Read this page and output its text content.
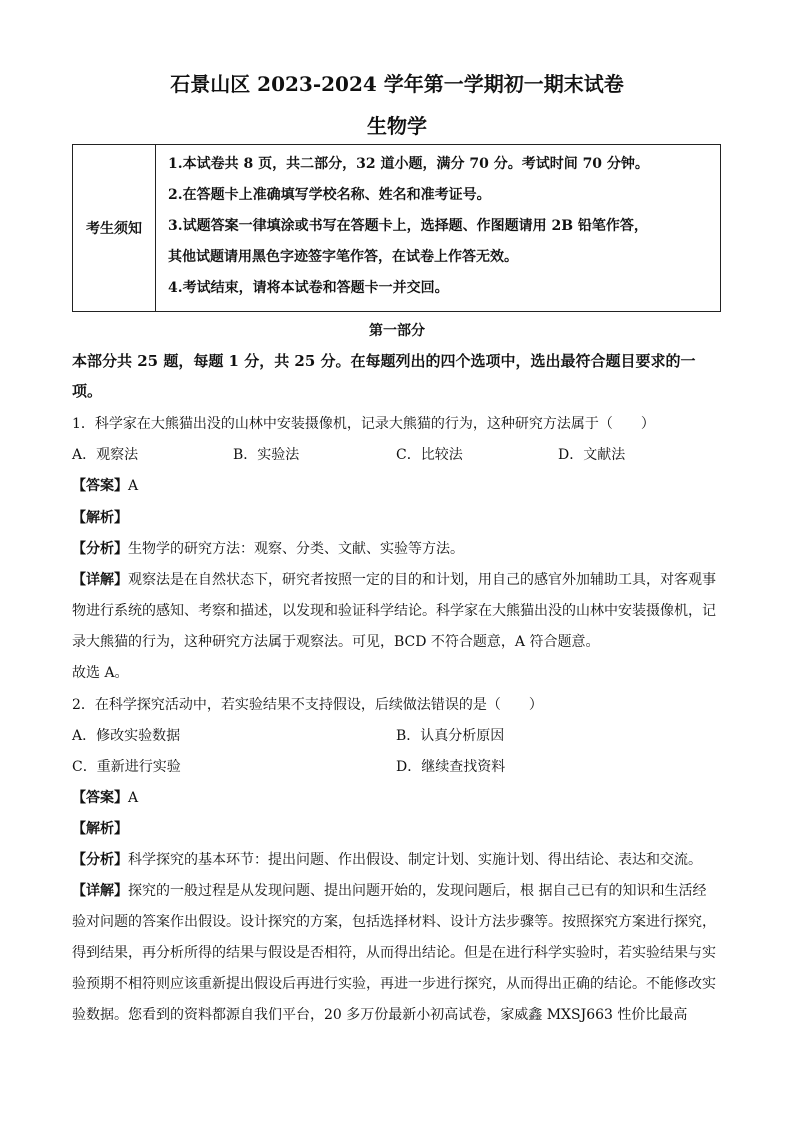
石景山区 2023-2024 学年第一学期初一期末试卷
生物学
考生须知	
1.本试卷共 8 页，共二部分，32 道小题，满分 70 分。考试时间 70 分钟。
2.在答题卡上准确填写学校名称、姓名和准考证号。
3.试题答案一律填涂或书写在答题卡上，选择题、作图题请用 2B 铅笔作答，
其他试题请用黑色字迹签字笔作答，在试卷上作答无效。
4.考试结束，请将本试卷和答题卡一并交回。
第一部分
本部分共 25 题，每题 1 分，共 25 分。在每题列出的四个选项中，选出最符合题目要求的一
项。
1．科学家在大熊猫出没的山林中安装摄像机，记录大熊猫的行为，这种研究方法属于（　　）
A．观察法	B．实验法	C．比较法	D．文献法
【答案】A
【解析】
【分析】生物学的研究方法：观察、分类、文献、实验等方法。
【详解】观察法是在自然状态下，研究者按照一定的目的和计划，用自己的感官外加辅助工具，对客观事
物进行系统的感知、考察和描述，以发现和验证科学结论。科学家在大熊猫出没的山林中安装摄像机，记
录大熊猫的行为，这种研究方法属于观察法。可见，BCD 不符合题意，A 符合题意。
故选 A。
2．在科学探究活动中，若实验结果不支持假设，后续做法错误的是（　　）
A．修改实验数据	B．认真分析原因
C．重新进行实验	D．继续查找资料
【答案】A
【解析】
【分析】科学探究的基本环节：提出问题、作出假设、制定计划、实施计划、得出结论、表达和交流。
【详解】探究的一般过程是从发现问题、提出问题开始的，发现问题后，根 据自己已有的知识和生活经
验对问题的答案作出假设。设计探究的方案，包括选择材料、设计方法步骤等。按照探究方案进行探究，
得到结果，再分析所得的结果与假设是否相符，从而得出结论。但是在进行科学实验时，若实验结果与实
验预期不相符则应该重新提出假设后再进行实验，再进一步进行探究，从而得出正确的结论。不能修改实
验数据。您看到的资料都源自我们平台，20 多万份最新小初高试卷，家威鑫 MXSJ663 性价比最高
